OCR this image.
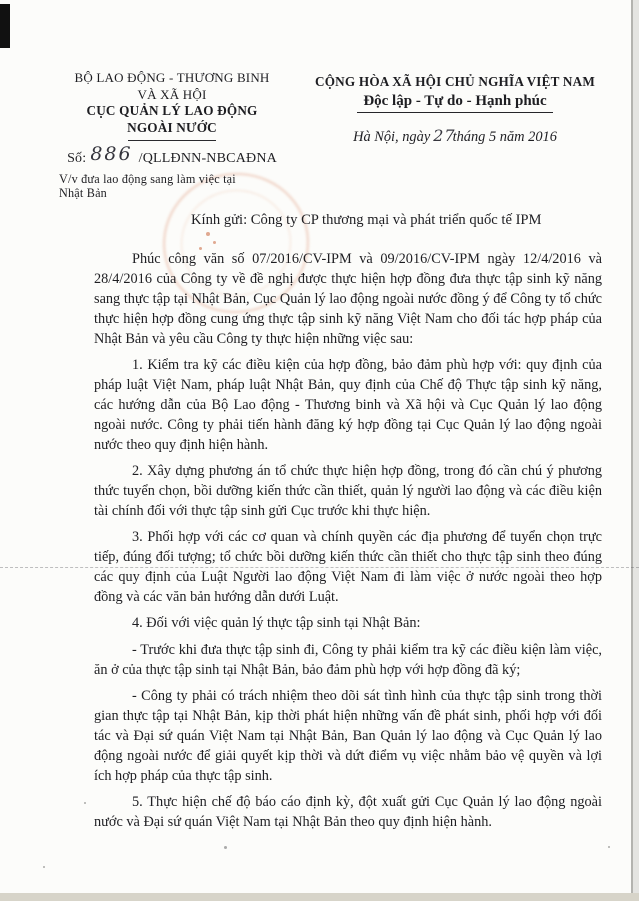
BỘ LAO ĐỘNG - THƯƠNG BINH
VÀ XÃ HỘI
CỤC QUẢN LÝ LAO ĐỘNG
NGOÀI NƯỚC
Số: 886 /QLLĐNN-NBCAĐNA
V/v đưa lao động sang làm việc tại
Nhật Bản
CỘNG HÒA XÃ HỘI CHỦ NGHĨA VIỆT NAM
Độc lập - Tự do - Hạnh phúc
Hà Nội, ngày 27tháng 5 năm 2016
Kính gửi: Công ty CP thương mại và phát triển quốc tế IPM

Phúc công văn số 07/2016/CV-IPM và 09/2016/CV-IPM ngày 12/4/2016 và 28/4/2016 của Công ty về đề nghị được thực hiện hợp đồng đưa thực tập sinh kỹ năng sang thực tập tại Nhật Bản, Cục Quản lý lao động ngoài nước đồng ý để Công ty tổ chức thực hiện hợp đồng cung ứng thực tập sinh kỹ năng Việt Nam cho đối tác hợp pháp của Nhật Bản và yêu cầu Công ty thực hiện những việc sau:

1. Kiểm tra kỹ các điều kiện của hợp đồng, bảo đảm phù hợp với: quy định của pháp luật Việt Nam, pháp luật Nhật Bản, quy định của Chế độ Thực tập sinh kỹ năng, các hướng dẫn của Bộ Lao động - Thương binh và Xã hội và Cục Quản lý lao động ngoài nước. Công ty phải tiến hành đăng ký hợp đồng tại Cục Quản lý lao động ngoài nước theo quy định hiện hành.

2. Xây dựng phương án tổ chức thực hiện hợp đồng, trong đó cần chú ý phương thức tuyển chọn, bồi dưỡng kiến thức cần thiết, quản lý người lao động và các điều kiện tài chính đối với thực tập sinh gửi Cục trước khi thực hiện.

3. Phối hợp với các cơ quan và chính quyền các địa phương để tuyển chọn trực tiếp, đúng đối tượng; tổ chức bồi dưỡng kiến thức cần thiết cho thực tập sinh theo đúng các quy định của Luật Người lao động Việt Nam đi làm việc ở nước ngoài theo hợp đồng và các văn bản hướng dẫn dưới Luật.

4. Đối với việc quản lý thực tập sinh tại Nhật Bản:

- Trước khi đưa thực tập sinh đi, Công ty phải kiểm tra kỹ các điều kiện làm việc, ăn ở của thực tập sinh tại Nhật Bản, bảo đảm phù hợp với hợp đồng đã ký;

- Công ty phải có trách nhiệm theo dõi sát tình hình của thực tập sinh trong thời gian thực tập tại Nhật Bản, kịp thời phát hiện những vấn đề phát sinh, phối hợp với đối tác và Đại sứ quán Việt Nam tại Nhật Bản, Ban Quản lý lao động và Cục Quản lý lao động ngoài nước để giải quyết kịp thời và dứt điểm vụ việc nhằm bảo vệ quyền và lợi ích hợp pháp của thực tập sinh.

5. Thực hiện chế độ báo cáo định kỳ, đột xuất gửi Cục Quản lý lao động ngoài nước và Đại sứ quán Việt Nam tại Nhật Bản theo quy định hiện hành.
